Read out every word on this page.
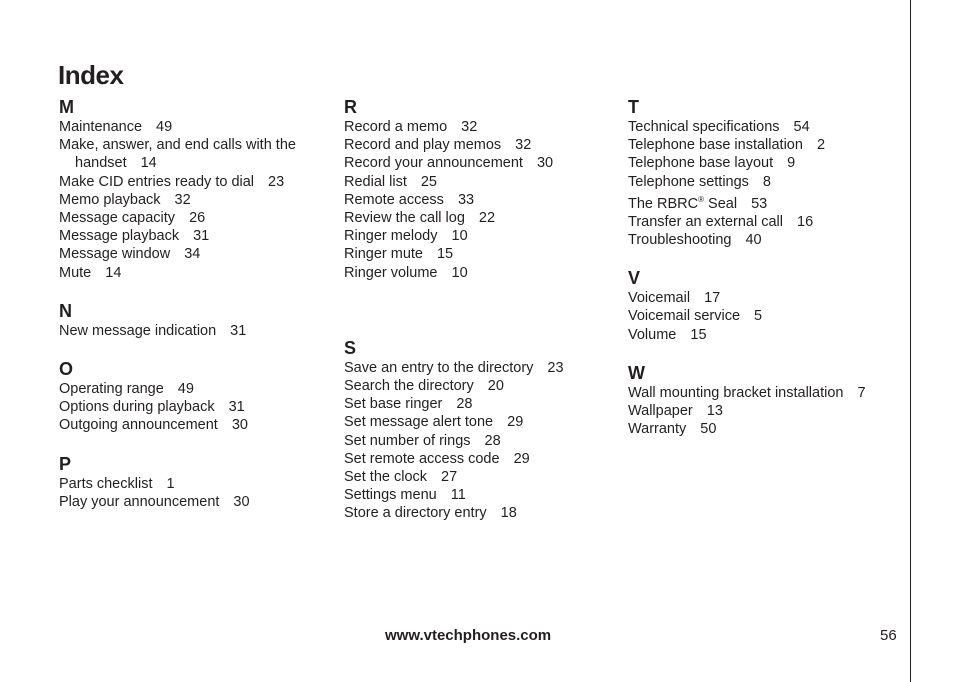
Index
M
Maintenance 49
Make, answer, and end calls with the handset 14
Make CID entries ready to dial 23
Memo playback 32
Message capacity 26
Message playback 31
Message window 34
Mute 14
N
New message indication 31
O
Operating range 49
Options during playback 31
Outgoing announcement 30
P
Parts checklist 1
Play your announcement 30
R
Record a memo 32
Record and play memos 32
Record your announcement 30
Redial list 25
Remote access 33
Review the call log 22
Ringer melody 10
Ringer mute 15
Ringer volume 10
S
Save an entry to the directory 23
Search the directory 20
Set base ringer 28
Set message alert tone 29
Set number of rings 28
Set remote access code 29
Set the clock 27
Settings menu 11
Store a directory entry 18
T
Technical specifications 54
Telephone base installation 2
Telephone base layout 9
Telephone settings 8
The RBRC® Seal 53
Transfer an external call 16
Troubleshooting 40
V
Voicemail 17
Voicemail service 5
Volume 15
W
Wall mounting bracket installation 7
Wallpaper 13
Warranty 50
www.vtechphones.com	56
